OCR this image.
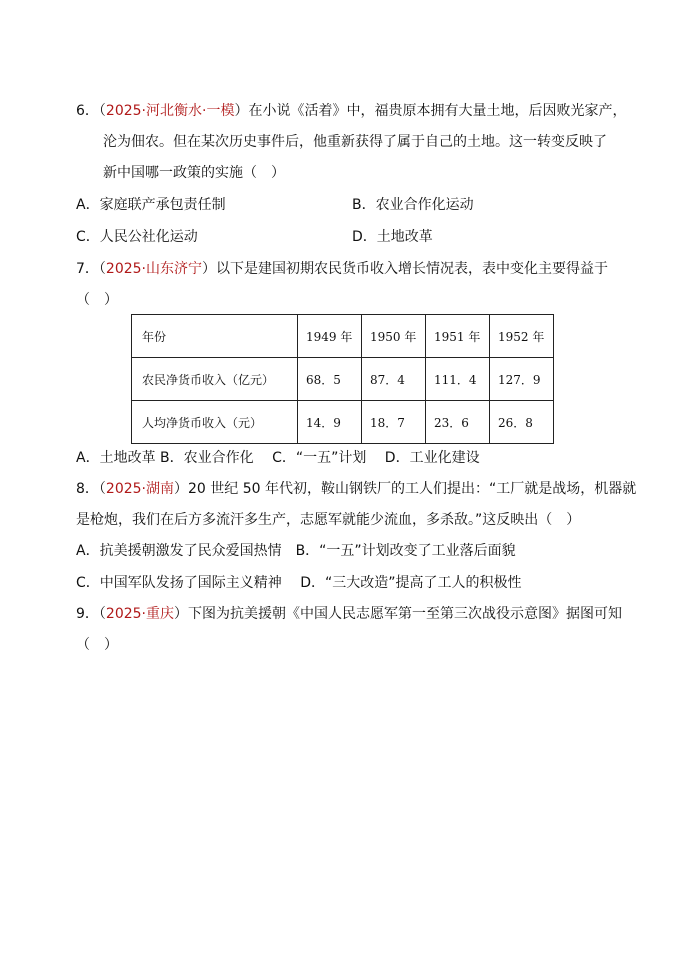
6．（2025·河北衡水·一模）在小说《活着》中，福贵原本拥有大量土地，后因败光家产，
沦为佃农。但在某次历史事件后，他重新获得了属于自己的土地。这一转变反映了
新中国哪一政策的实施（　）
A．家庭联产承包责任制	B．农业合作化运动
C．人民公社化运动	D．土地改革
7．（2025·山东济宁）以下是建国初期农民货币收入增长情况表，表中变化主要得益于
（　）
年份	1949 年	1950 年	1951 年	1952 年
农民净货币收入（亿元）	68．5	87．4	111．4	127．9
人均净货币收入（元）	14．9	18．7	23．6	26．8
A．土地改革 B．农业合作化　 C．“一五”计划　 D．工业化建设
8．（2025·湖南）20 世纪 50 年代初，鞍山钢铁厂的工人们提出：“工厂就是战场，机器就
是枪炮，我们在后方多流汗多生产，志愿军就能少流血，多杀敌。”这反映出（　）
A．抗美援朝激发了民众爱国热情　B．“一五”计划改变了工业落后面貌
C．中国军队发扬了国际主义精神　 D．“三大改造”提高了工人的积极性
9．（2025·重庆）下图为抗美援朝《中国人民志愿军第一至第三次战役示意图》据图可知
（　）
